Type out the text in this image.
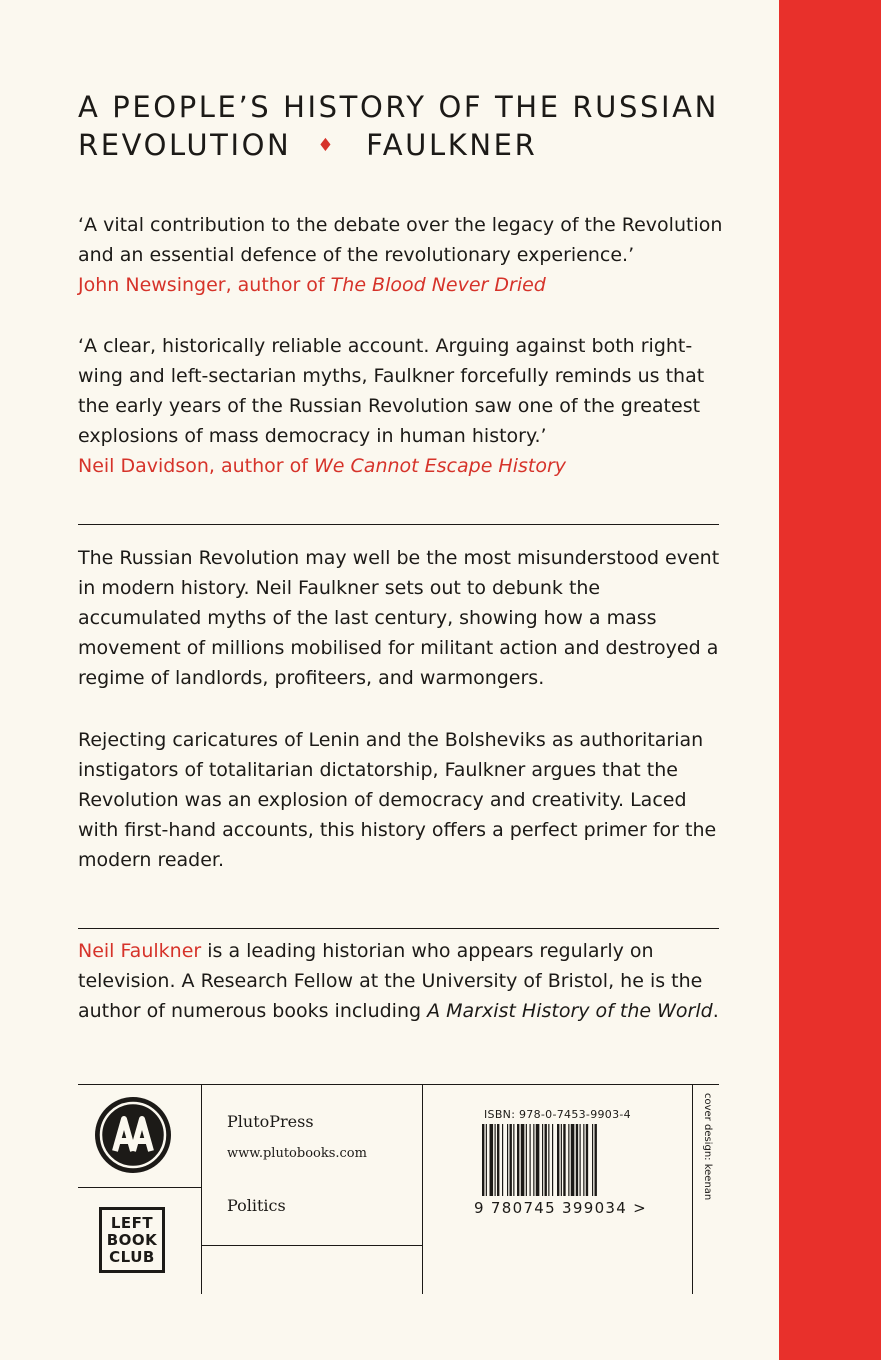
A PEOPLE’S HISTORY OF THE RUSSIAN
REVOLUTION ♦ FAULKNER

‘A vital contribution to the debate over the legacy of the Revolution and an essential defence of the revolutionary experience.’
John Newsinger, author of The Blood Never Dried

‘A clear, historically reliable account. Arguing against both right-wing and left-sectarian myths, Faulkner forcefully reminds us that the early years of the Russian Revolution saw one of the greatest explosions of mass democracy in human history.’
Neil Davidson, author of We Cannot Escape History

The Russian Revolution may well be the most misunderstood event in modern history. Neil Faulkner sets out to debunk the accumulated myths of the last century, showing how a mass movement of millions mobilised for militant action and destroyed a regime of landlords, profiteers, and warmongers.

Rejecting caricatures of Lenin and the Bolsheviks as authoritarian instigators of totalitarian dictatorship, Faulkner argues that the Revolution was an explosion of democracy and creativity. Laced with first-hand accounts, this history offers a perfect primer for the modern reader.

Neil Faulkner is a leading historian who appears regularly on television. A Research Fellow at the University of Bristol, he is the author of numerous books including A Marxist History of the World.

LEFT
BOOK
CLUB
PlutoPress
www.plutobooks.com
Politics
ISBN: 978-0-7453-9903-4
9 780745 399034 >
cover design: keenan
